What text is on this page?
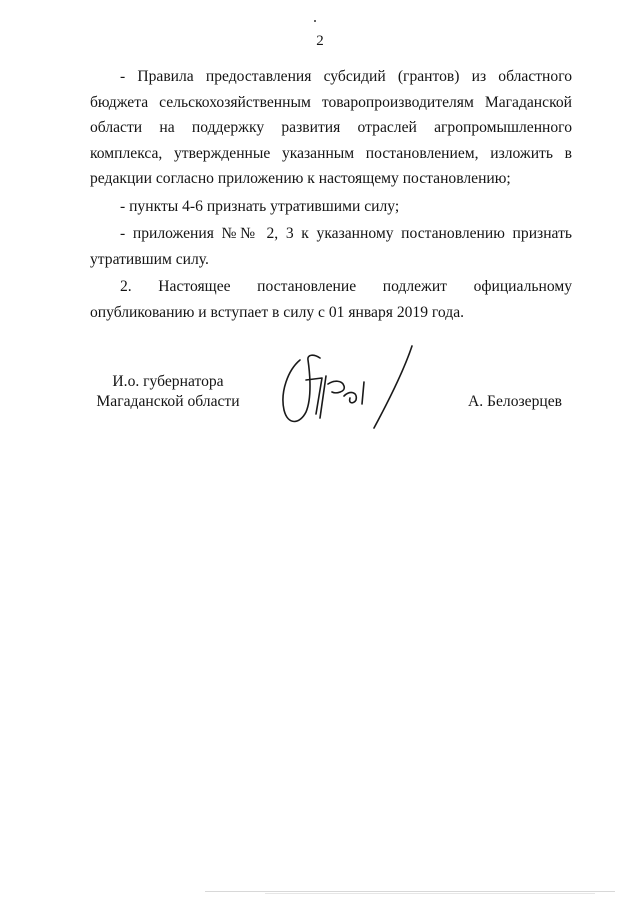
2

- Правила предоставления субсидий (грантов) из областного бюджета сельскохозяйственным товаропроизводителям Магаданской области на поддержку развития отраслей агропромышленного комплекса, утвержденные указанным постановлением, изложить в редакции согласно приложению к настоящему постановлению;

- пункты 4-6 признать утратившими силу;

- приложения №№ 2, 3 к указанному постановлению признать утратившим силу.

2. Настоящее постановление подлежит официальному опубликованию и вступает в силу с 01 января 2019 года.

И.о. губернатора
Магаданской области	А. Белозерцев
